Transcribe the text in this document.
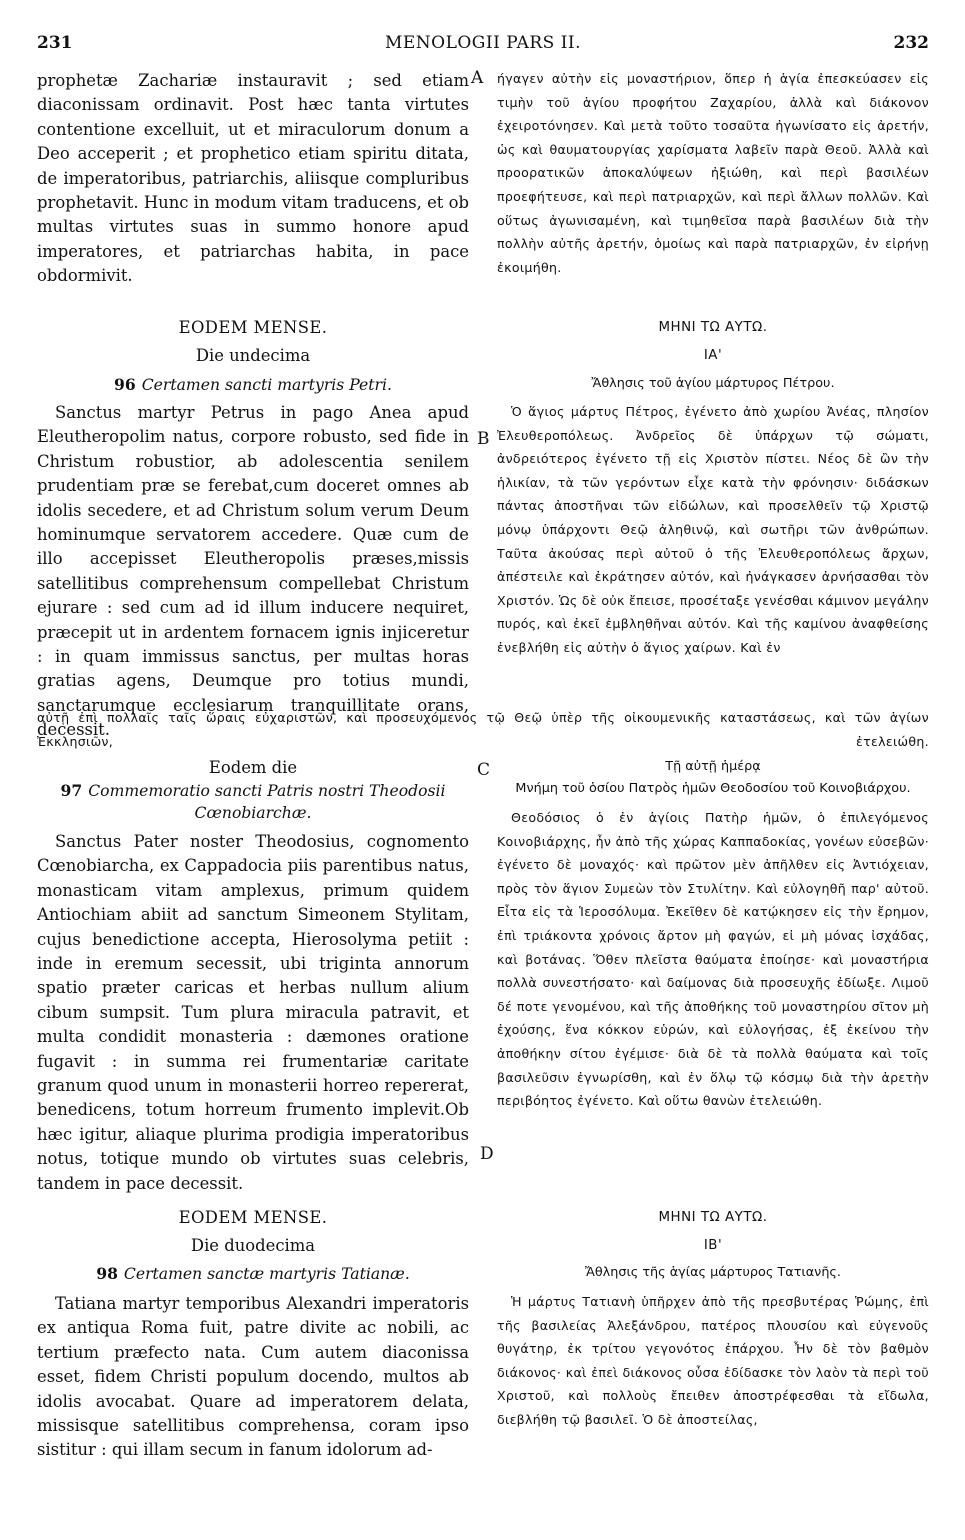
231	MENOLOGII PARS II.	232
A
B
C
D

prophetæ Zachariæ instauravit ; sed etiam diaconissam ordinavit. Post hæc tanta virtutes contentione excelluit, ut et miraculorum donum a Deo acceperit ; et prophetico etiam spiritu ditata, de imperatoribus, patriarchis, aliisque compluribus prophetavit. Hunc in modum vitam traducens, et ob multas virtutes suas in summo honore apud imperatores, et patriarchas habita, in pace obdormivit.

EODEM MENSE.

Die undecima

96 Certamen sancti martyris Petri.

Sanctus martyr Petrus in pago Anea apud Eleutheropolim natus, corpore robusto, sed fide in Christum robustior, ab adolescentia senilem prudentiam præ se ferebat,cum doceret omnes ab idolis secedere, et ad Christum solum verum Deum hominumque servatorem accedere. Quæ cum de illo accepisset Eleutheropolis præses,missis satellitibus comprehensum compellebat Christum ejurare : sed cum ad id illum inducere nequiret, præcepit ut in ardentem fornacem ignis injiceretur : in quam immissus sanctus, per multas horas gratias agens, Deumque pro totius mundi, sanctarumque ecclesiarum tranquillitate orans, decessit.

Eodem die

97 Commemoratio sancti Patris nostri Theodosii Cœnobiarchæ.

Sanctus Pater noster Theodosius, cognomento Cœnobiarcha, ex Cappadocia piis parentibus natus, monasticam vitam amplexus, primum quidem Antiochiam abiit ad sanctum Simeonem Stylitam, cujus benedictione accepta, Hierosolyma petiit : inde in eremum secessit, ubi triginta annorum spatio præter caricas et herbas nullum alium cibum sumpsit. Tum plura miracula patravit, et multa condidit monasteria : dæmones oratione fugavit : in summa rei frumentariæ caritate granum quod unum in monasterii horreo repererat, benedicens, totum horreum frumento implevit.Ob hæc igitur, aliaque plurima prodigia imperatoribus notus, totique mundo ob virtutes suas celebris, tandem in pace decessit.

EODEM MENSE.

Die duodecima

98 Certamen sanctæ martyris Tatianæ.

Tatiana martyr temporibus Alexandri imperatoris ex antiqua Roma fuit, patre divite ac nobili, ac tertium præfecto nata. Cum autem diaconissa esset, fidem Christi populum docendo, multos ab idolis avocabat. Quare ad imperatorem delata, missisque satellitibus comprehensa, coram ipso sistitur : qui illam secum in fanum idolorum ad-

ήγαγεν αὐτὴν εἰς μοναστήριον, ὅπερ ἡ ἁγία ἐπεσκεύασεν εἰς τιμὴν τοῦ ἁγίου προφήτου Ζαχαρίου, ἀλλὰ καὶ διάκονον ἐχειροτόνησεν. Καὶ μετὰ τοῦτο τοσαῦτα ἠγωνίσατο εἰς ἀρετήν, ὡς καὶ θαυματουργίας χαρίσματα λαβεῖν παρὰ Θεοῦ. Ἀλλὰ καὶ προορατικῶν ἀποκαλύψεων ἠξιώθη, καὶ περὶ βασιλέων προεφήτευσε, καὶ περὶ πατριαρχῶν, καὶ περὶ ἄλλων πολλῶν. Καὶ οὕτως ἀγωνισαμένη, καὶ τιμηθεῖσα παρὰ βασιλέων διὰ τὴν πολλὴν αὐτῆς ἀρετήν, ὁμοίως καὶ παρὰ πατριαρχῶν, ἐν εἰρήνῃ ἐκοιμήθη.

ΜΗΝΙ ΤΩ ΑΥΤΩ.

ΙΑ'

Ἄθλησις τοῦ ἁγίου μάρτυρος Πέτρου.

Ὁ ἅγιος μάρτυς Πέτρος, ἐγένετο ἀπὸ χωρίου Ἀνέας, πλησίον Ἐλευθεροπόλεως. Ἀνδρεῖος δὲ ὑπάρχων τῷ σώματι, ἀνδρειότερος ἐγένετο τῇ εἰς Χριστὸν πίστει. Νέος δὲ ὢν τὴν ἡλικίαν, τὰ τῶν γερόντων εἶχε κατὰ τὴν φρόνησιν· διδάσκων πάντας ἀποστῆναι τῶν εἰδώλων, καὶ προσελθεῖν τῷ Χριστῷ μόνῳ ὑπάρχοντι Θεῷ ἀληθινῷ, καὶ σωτῆρι τῶν ἀνθρώπων. Ταῦτα ἀκούσας περὶ αὐτοῦ ὁ τῆς Ἐλευθεροπόλεως ἄρχων, ἀπέστειλε καὶ ἐκράτησεν αὐτόν, καὶ ἠνάγκασεν ἀρνήσασθαι τὸν Χριστόν. Ὡς δὲ οὐκ ἔπεισε, προσέταξε γενέσθαι κάμινον μεγάλην πυρός, καὶ ἐκεῖ ἐμβληθῆναι αὐτόν. Καὶ τῆς καμίνου ἀναφθείσης ἐνεβλήθη εἰς αὐτὴν ὁ ἅγιος χαίρων. Καὶ ἐν

αὐτῇ ἐπὶ πολλαῖς ταῖς ὥραις εὐχαριστῶν, καὶ προσευχόμενος τῷ Θεῷ ὑπὲρ τῆς οἰκουμενικῆς καταστάσεως, καὶ τῶν ἁγίων Ἐκκλησιῶν, ἐτελειώθη.

Τῇ αὐτῇ ἡμέρᾳ

Μνήμη τοῦ ὁσίου Πατρὸς ἡμῶν Θεοδοσίου τοῦ Κοινοβιάρχου.

Θεοδόσιος ὁ ἐν ἁγίοις Πατὴρ ἡμῶν, ὁ ἐπιλεγόμενος Κοινοβιάρχης, ἦν ἀπὸ τῆς χώρας Καππαδοκίας, γονέων εὐσεβῶν· ἐγένετο δὲ μοναχός· καὶ πρῶτον μὲν ἀπῆλθεν εἰς Ἀντιόχειαν, πρὸς τὸν ἅγιον Συμεὼν τὸν Στυλίτην. Καὶ εὐλογηθῆ παρ' αὐτοῦ. Εἶτα εἰς τὰ Ἱεροσόλυμα. Ἐκεῖθεν δὲ κατῴκησεν εἰς τὴν ἔρημον, ἐπὶ τριάκοντα χρόνοις ἄρτον μὴ φαγών, εἰ μὴ μόνας ἰσχάδας, καὶ βοτάνας. Ὅθεν πλεῖστα θαύματα ἐποίησε· καὶ μοναστήρια πολλὰ συνεστήσατο· καὶ δαίμονας διὰ προσευχῆς ἐδίωξε. Λιμοῦ δέ ποτε γενομένου, καὶ τῆς ἀποθήκης τοῦ μοναστηρίου σῖτον μὴ ἐχούσης, ἕνα κόκκον εὑρών, καὶ εὐλογήσας, ἐξ ἐκείνου τὴν ἀποθήκην σίτου ἐγέμισε· διὰ δὲ τὰ πολλὰ θαύματα καὶ τοῖς βασιλεῦσιν ἐγνωρίσθη, καὶ ἐν ὅλῳ τῷ κόσμῳ διὰ τὴν ἀρετὴν περιβόητος ἐγένετο. Καὶ οὕτω θανὼν ἐτελειώθη.

ΜΗΝΙ ΤΩ ΑΥΤΩ.

ΙΒ'

Ἄθλησις τῆς ἁγίας μάρτυρος Τατιανῆς.

Ἡ μάρτυς Τατιανὴ ὑπῆρχεν ἀπὸ τῆς πρεσβυτέρας Ῥώμης, ἐπὶ τῆς βασιλείας Ἀλεξάνδρου, πατέρος πλουσίου καὶ εὐγενοῦς θυγάτηρ, ἐκ τρίτου γεγονότος ἐπάρχου. Ἦν δὲ τὸν βαθμὸν διάκονος· καὶ ἐπεὶ διάκονος οὖσα ἐδίδασκε τὸν λαὸν τὰ περὶ τοῦ Χριστοῦ, καὶ πολλοὺς ἔπειθεν ἀποστρέφεσθαι τὰ εἴδωλα, διεβλήθη τῷ βασιλεῖ. Ὁ δὲ ἀποστείλας,
